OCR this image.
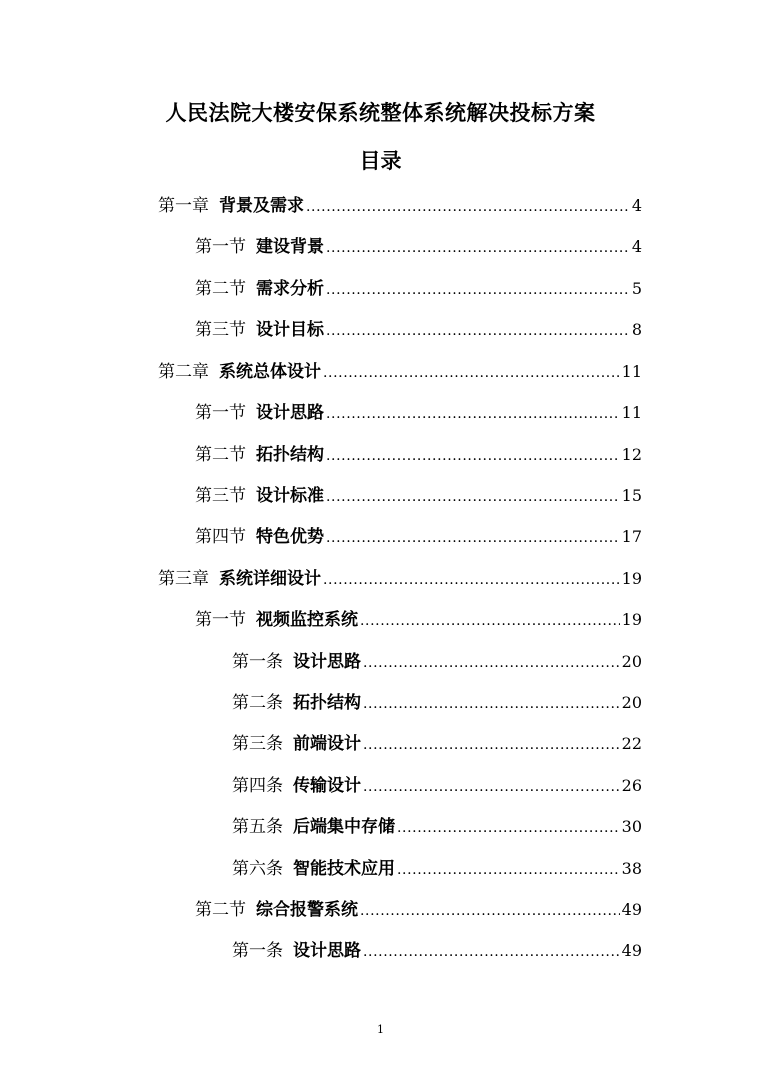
人民法院大楼安保系统整体系统解决投标方案
目录
第一章 背景及需求 .....	4
第一节 建设背景 .....	4
第二节 需求分析 .....	5
第三节 设计目标 .....	8
第二章 系统总体设计 .....	11
第一节 设计思路 .....	11
第二节 拓扑结构 .....	12
第三节 设计标准 .....	15
第四节 特色优势 .....	17
第三章 系统详细设计 .....	19
第一节 视频监控系统 .....	19
第一条 设计思路 .....	20
第二条 拓扑结构 .....	20
第三条 前端设计 .....	22
第四条 传输设计 .....	26
第五条 后端集中存储 .....	30
第六条 智能技术应用 .....	38
第二节 综合报警系统 .....	49
第一条 设计思路 .....	49
1
